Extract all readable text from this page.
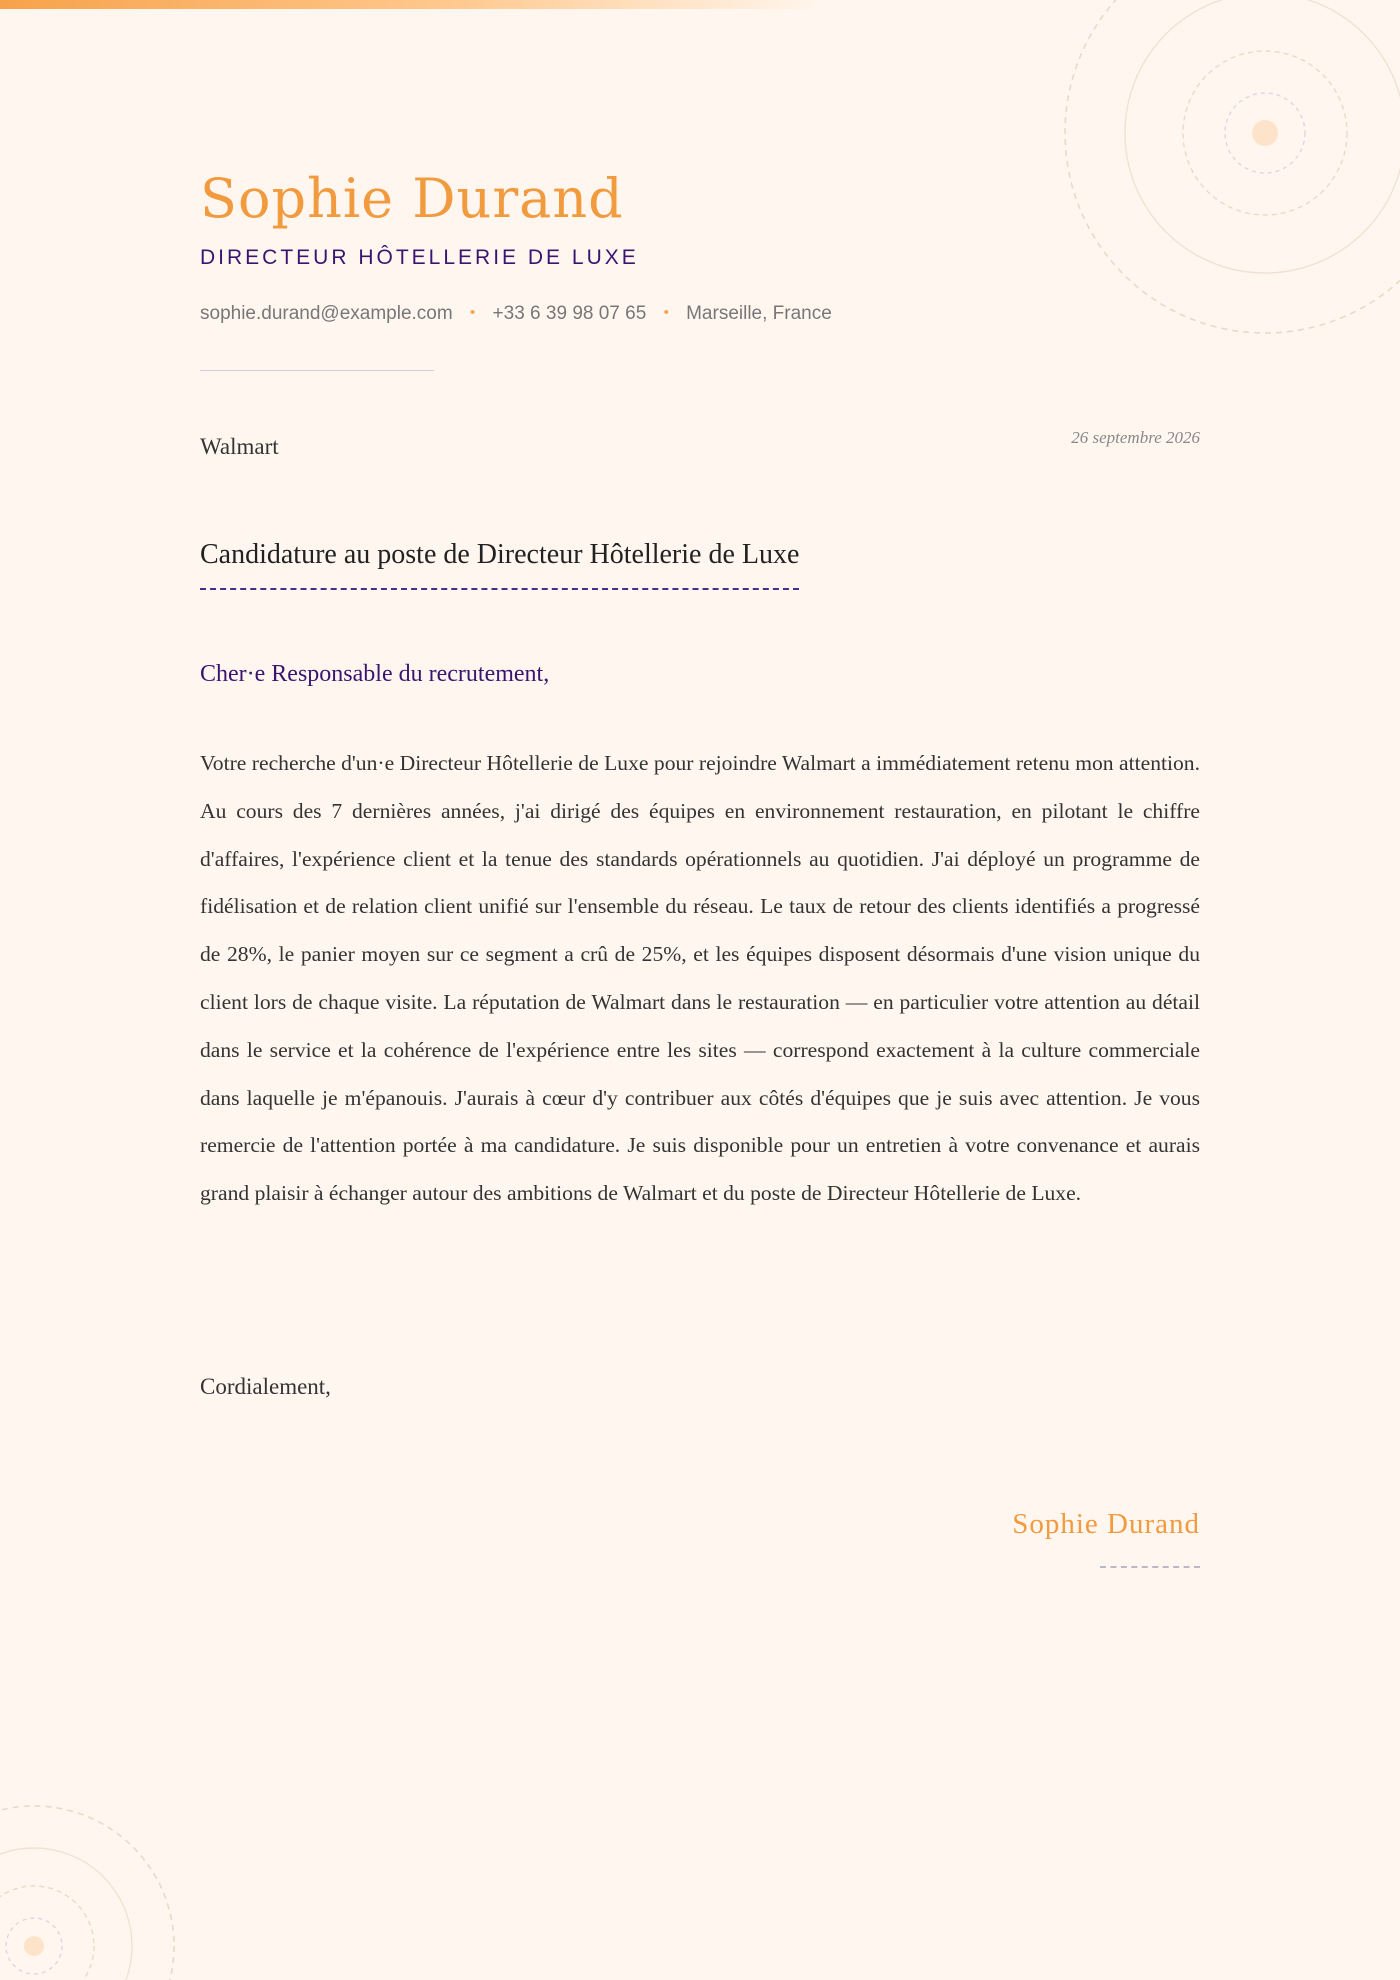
Sophie Durand
DIRECTEUR HÔTELLERIE DE LUXE
sophie.durand@example.com • +33 6 39 98 07 65 • Marseille, France
Walmart	26 septembre 2026
Candidature au poste de Directeur Hôtellerie de Luxe
Cher·e Responsable du recrutement,

Votre recherche d'un·e Directeur Hôtellerie de Luxe pour rejoindre Walmart a immédiatement retenu mon attention. Au cours des 7 dernières années, j'ai dirigé des équipes en environnement restauration, en pilotant le chiffre d'affaires, l'expérience client et la tenue des standards opérationnels au quotidien. J'ai déployé un programme de fidélisation et de relation client unifié sur l'ensemble du réseau. Le taux de retour des clients identifiés a progressé de 28%, le panier moyen sur ce segment a crû de 25%, et les équipes disposent désormais d'une vision unique du client lors de chaque visite. La réputation de Walmart dans le restauration — en particulier votre attention au détail dans le service et la cohérence de l'expérience entre les sites — correspond exactement à la culture commerciale dans laquelle je m'épanouis. J'aurais à cœur d'y contribuer aux côtés d'équipes que je suis avec attention. Je vous remercie de l'attention portée à ma candidature. Je suis disponible pour un entretien à votre convenance et aurais grand plaisir à échanger autour des ambitions de Walmart et du poste de Directeur Hôtellerie de Luxe.

Cordialement,
Sophie Durand
